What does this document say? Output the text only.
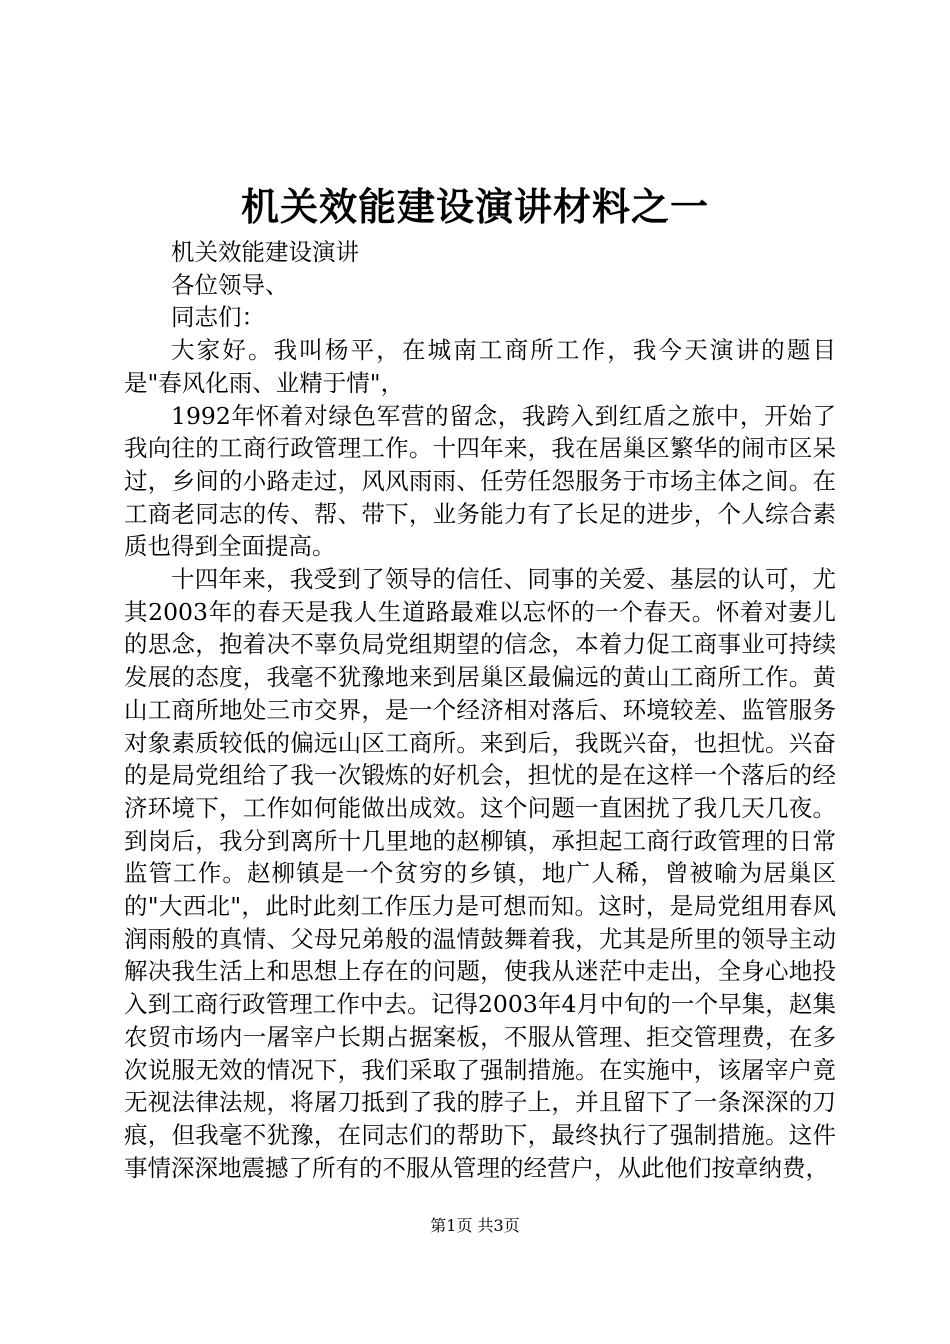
机关效能建设演讲材料之一

机关效能建设演讲

各位领导、

同志们：

大家好。我叫杨平，在城南工商所工作，我今天演讲的题目是"春风化雨、业精于情"，

1992年怀着对绿色军营的留念，我跨入到红盾之旅中，开始了我向往的工商行政管理工作。十四年来，我在居巢区繁华的闹市区呆过，乡间的小路走过，风风雨雨、任劳任怨服务于市场主体之间。在工商老同志的传、帮、带下，业务能力有了长足的进步，个人综合素质也得到全面提高。

十四年来，我受到了领导的信任、同事的关爱、基层的认可，尤其2003年的春天是我人生道路最难以忘怀的一个春天。怀着对妻儿的思念，抱着决不辜负局党组期望的信念，本着力促工商事业可持续发展的态度，我毫不犹豫地来到居巢区最偏远的黄山工商所工作。黄山工商所地处三市交界，是一个经济相对落后、环境较差、监管服务对象素质较低的偏远山区工商所。来到后，我既兴奋，也担忧。兴奋的是局党组给了我一次锻炼的好机会，担忧的是在这样一个落后的经济环境下，工作如何能做出成效。这个问题一直困扰了我几天几夜。到岗后，我分到离所十几里地的赵柳镇，承担起工商行政管理的日常监管工作。赵柳镇是一个贫穷的乡镇，地广人稀，曾被喻为居巢区的"大西北"，此时此刻工作压力是可想而知。这时，是局党组用春风润雨般的真情、父母兄弟般的温情鼓舞着我，尤其是所里的领导主动解决我生活上和思想上存在的问题，使我从迷茫中走出，全身心地投入到工商行政管理工作中去。记得2003年4月中旬的一个早集，赵集农贸市场内一屠宰户长期占据案板，不服从管理、拒交管理费，在多次说服无效的情况下，我们采取了强制措施。在实施中，该屠宰户竟无视法律法规，将屠刀抵到了我的脖子上，并且留下了一条深深的刀痕，但我毫不犹豫，在同志们的帮助下，最终执行了强制措施。这件事情深深地震撼了所有的不服从管理的经营户，从此他们按章纳费，

第1页 共3页
